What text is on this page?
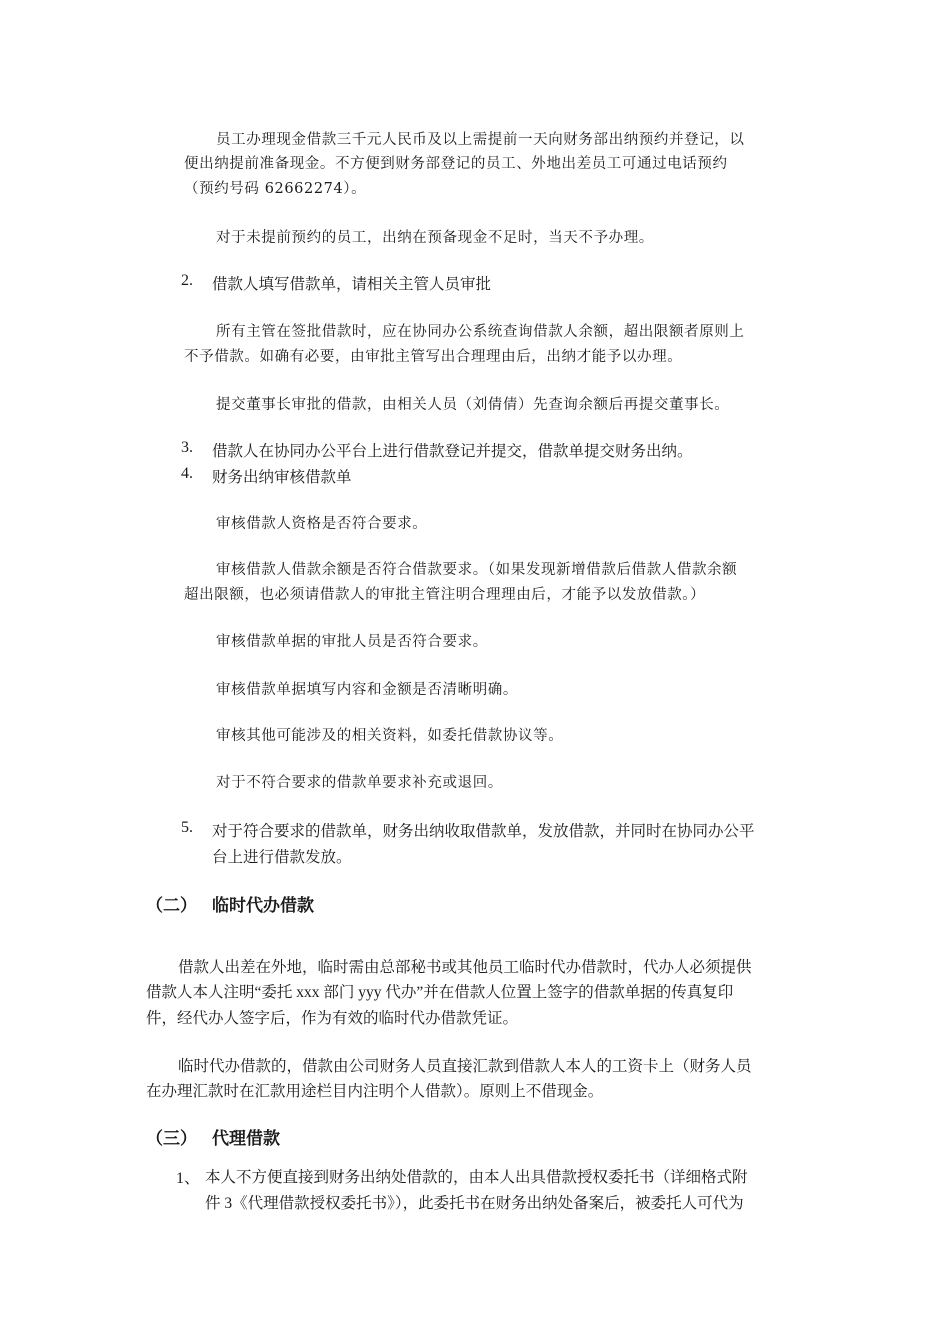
员工办理现金借款三千元人民币及以上需提前一天向财务部出纳预约并登记，以
便出纳提前准备现金。不方便到财务部登记的员工、外地出差员工可通过电话预约
（预约号码 62662274）。
对于未提前预约的员工，出纳在预备现金不足时，当天不予办理。
2. 借款人填写借款单，请相关主管人员审批
所有主管在签批借款时，应在协同办公系统查询借款人余额，超出限额者原则上
不予借款。如确有必要，由审批主管写出合理理由后，出纳才能予以办理。
提交董事长审批的借款，由相关人员（刘倩倩）先查询余额后再提交董事长。
3. 借款人在协同办公平台上进行借款登记并提交，借款单提交财务出纳。
4. 财务出纳审核借款单
审核借款人资格是否符合要求。
审核借款人借款余额是否符合借款要求。（如果发现新增借款后借款人借款余额
超出限额，也必须请借款人的审批主管注明合理理由后，才能予以发放借款。）
审核借款单据的审批人员是否符合要求。
审核借款单据填写内容和金额是否清晰明确。
审核其他可能涉及的相关资料，如委托借款协议等。
对于不符合要求的借款单要求补充或退回。
5. 对于符合要求的借款单，财务出纳收取借款单，发放借款，并同时在协同办公平
台上进行借款发放。
（二） 临时代办借款
借款人出差在外地，临时需由总部秘书或其他员工临时代办借款时，代办人必须提供
借款人本人注明“委托 xxx 部门 yyy 代办”并在借款人位置上签字的借款单据的传真复印
件，经代办人签字后，作为有效的临时代办借款凭证。
临时代办借款的，借款由公司财务人员直接汇款到借款人本人的工资卡上（财务人员
在办理汇款时在汇款用途栏目内注明个人借款）。原则上不借现金。
（三） 代理借款
1、 本人不方便直接到财务出纳处借款的，由本人出具借款授权委托书（详细格式附
件 3《代理借款授权委托书》），此委托书在财务出纳处备案后，被委托人可代为
